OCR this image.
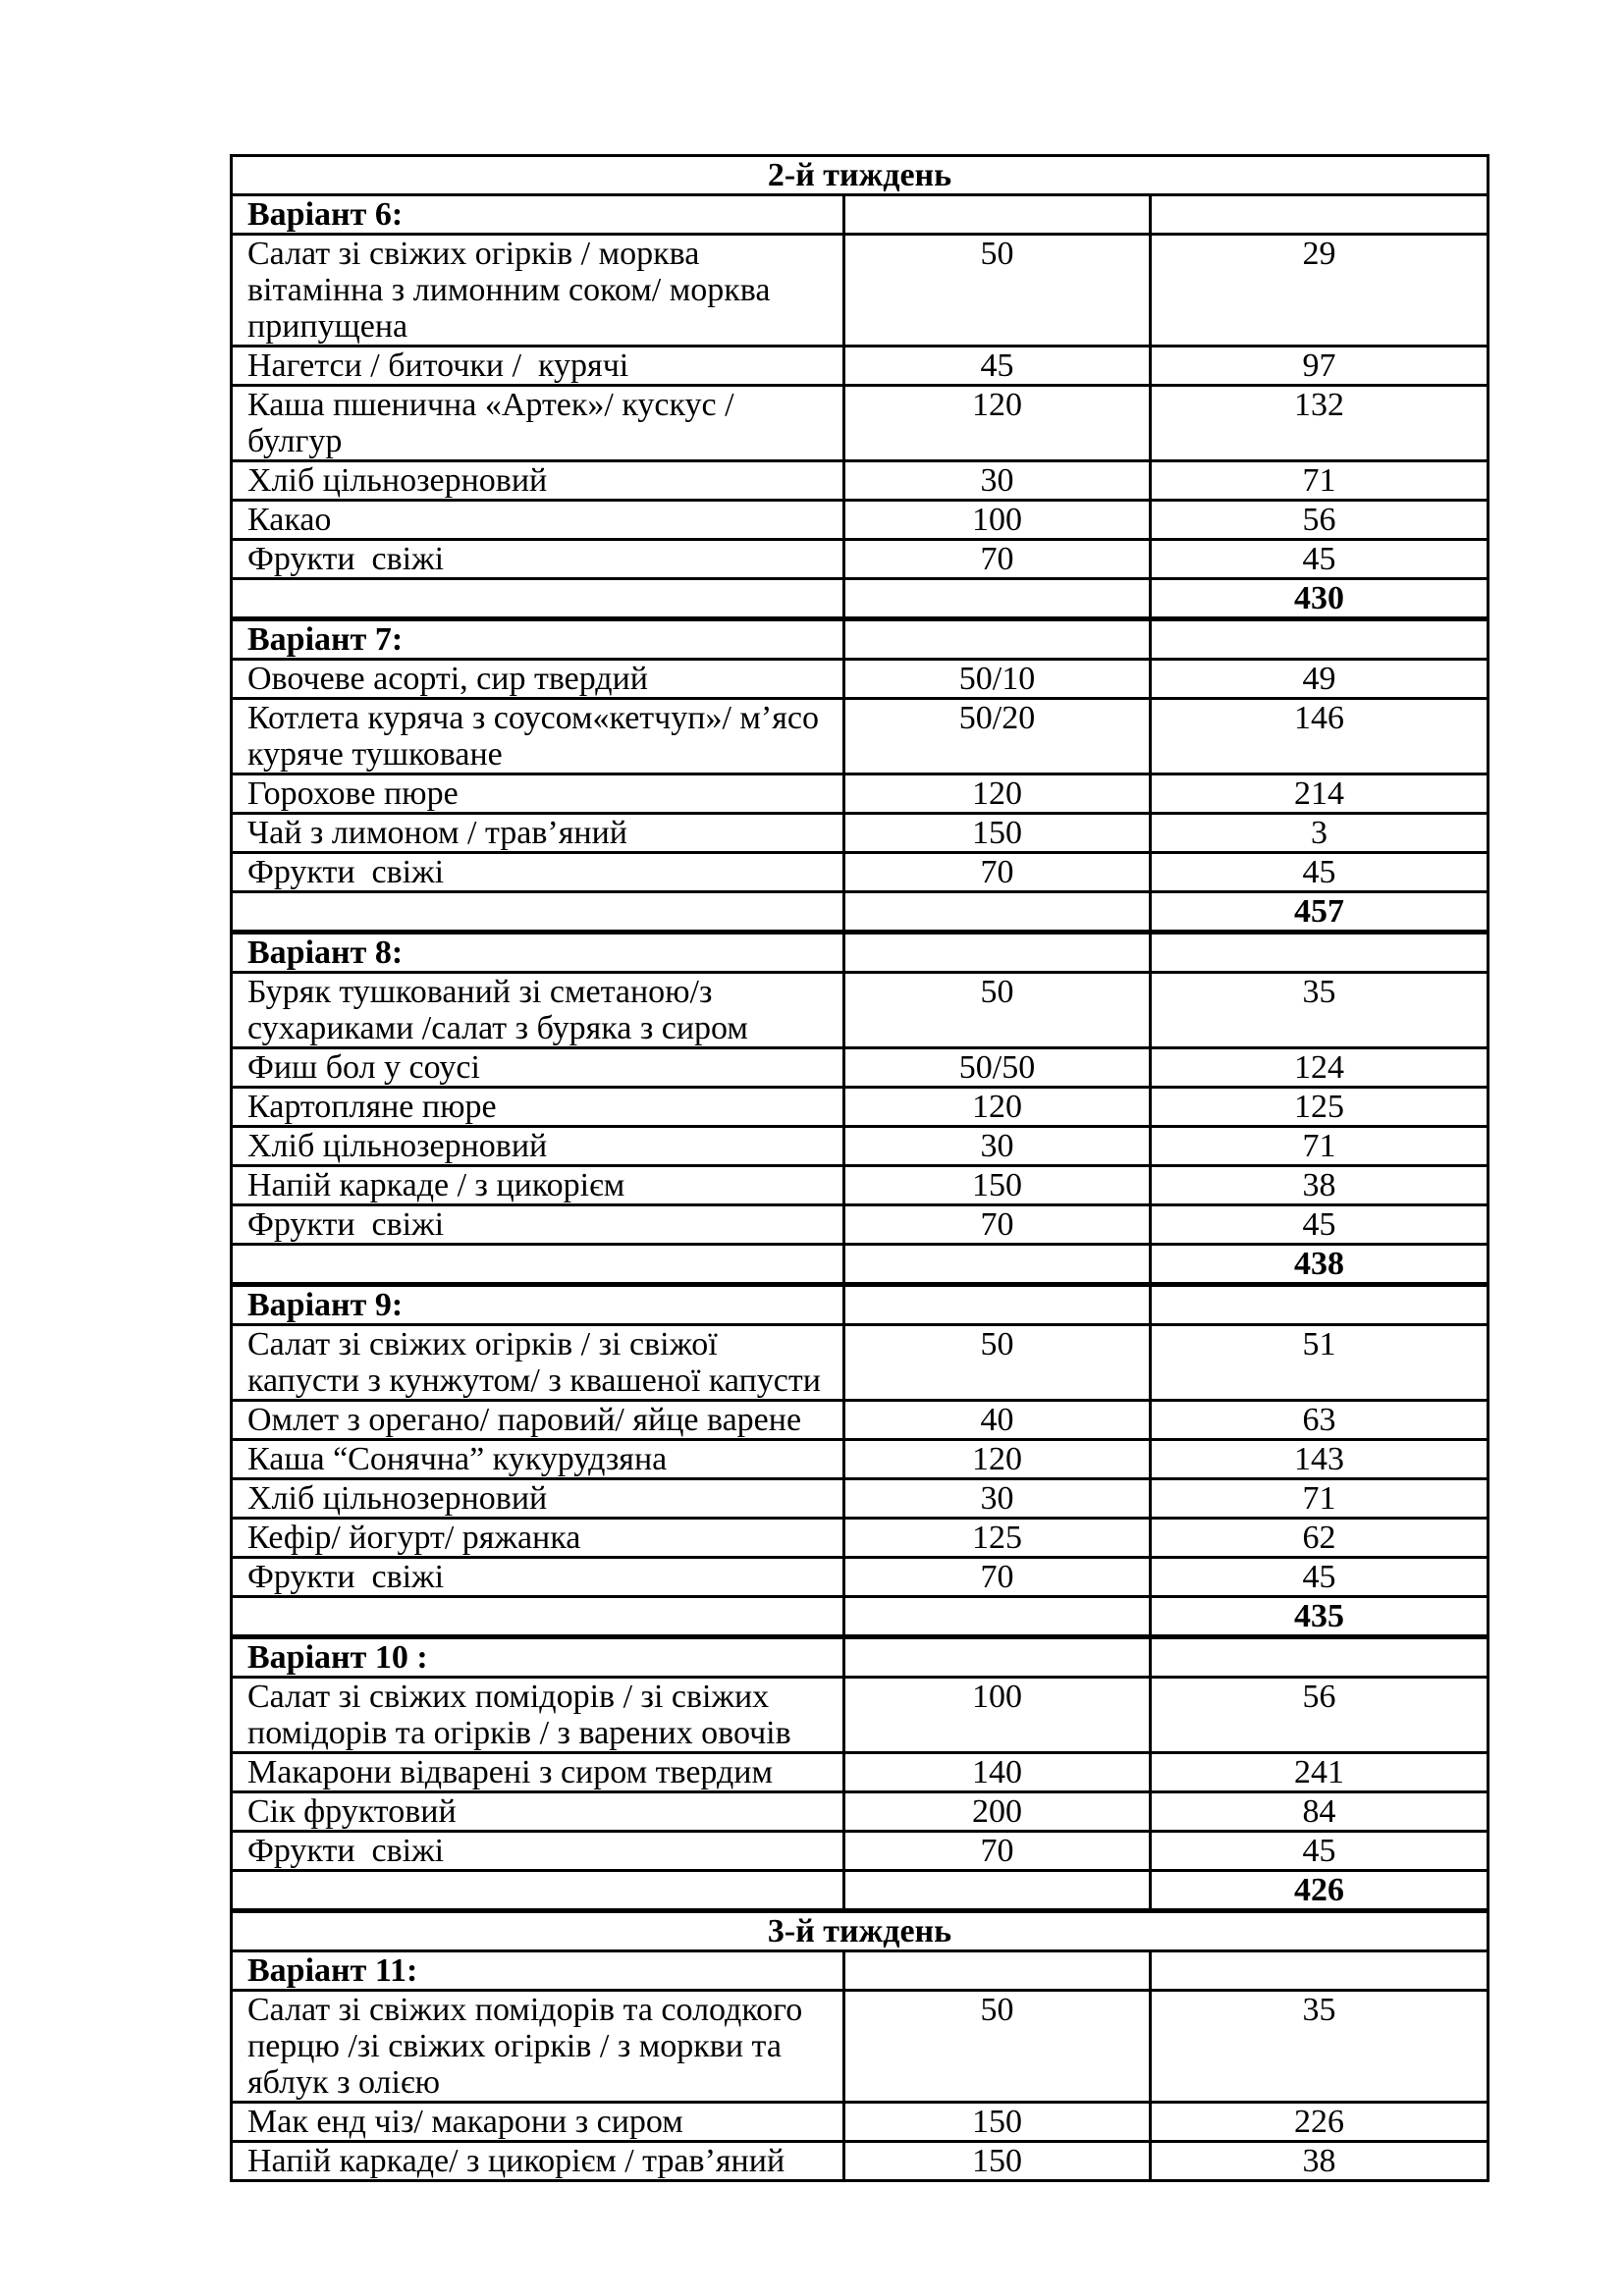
2-й тиждень		
Варіант 6:		
Салат зі свіжих огірків / морква вітамінна з лимонним соком/ морква припущена	50	29
Нагетси / биточки /  курячі	45	97
Каша пшенична «Артек»/ кускус / булгур	120	132
Хліб цільнозерновий	30	71
Какао	100	56
Фрукти  свіжі	70	45
		430
Варіант 7:		
Овочеве асорті, сир твердий	50/10	49
Котлета куряча з соусом«кетчуп»/ м’ясо куряче тушковане	50/20	146
Горохове пюре	120	214
Чай з лимоном / трав’яний	150	3
Фрукти  свіжі	70	45
		457
Варіант 8:		
Буряк тушкований зі сметаною/з сухариками /салат з буряка з сиром	50	35
Фиш бол у соусі	50/50	124
Картопляне пюре	120	125
Хліб цільнозерновий	30	71
Напій каркаде / з цикорієм	150	38
Фрукти  свіжі	70	45
		438
Варіант 9:		
Салат зі свіжих огірків / зі свіжої капусти з кунжутом/ з квашеної капусти	50	51
Омлет з орегано/ паровий/ яйце варене	40	63
Каша “Сонячна” кукурудзяна	120	143
Хліб цільнозерновий	30	71
Кефір/ йогурт/ ряжанка	125	62
Фрукти  свіжі	70	45
		435
Варіант 10 :		
Салат зі свіжих помідорів / зі свіжих помідорів та огірків / з варених овочів	100	56
Макарони відварені з сиром твердим	140	241
Сік фруктовий	200	84
Фрукти  свіжі	70	45
		426
3-й тиждень		
Варіант 11:		
Салат зі свіжих помідорів та солодкого перцю /зі свіжих огірків / з моркви та яблук з олією	50	35
Мак енд чіз/ макарони з сиром	150	226
Напій каркаде/ з цикорієм / трав’яний	150	38
